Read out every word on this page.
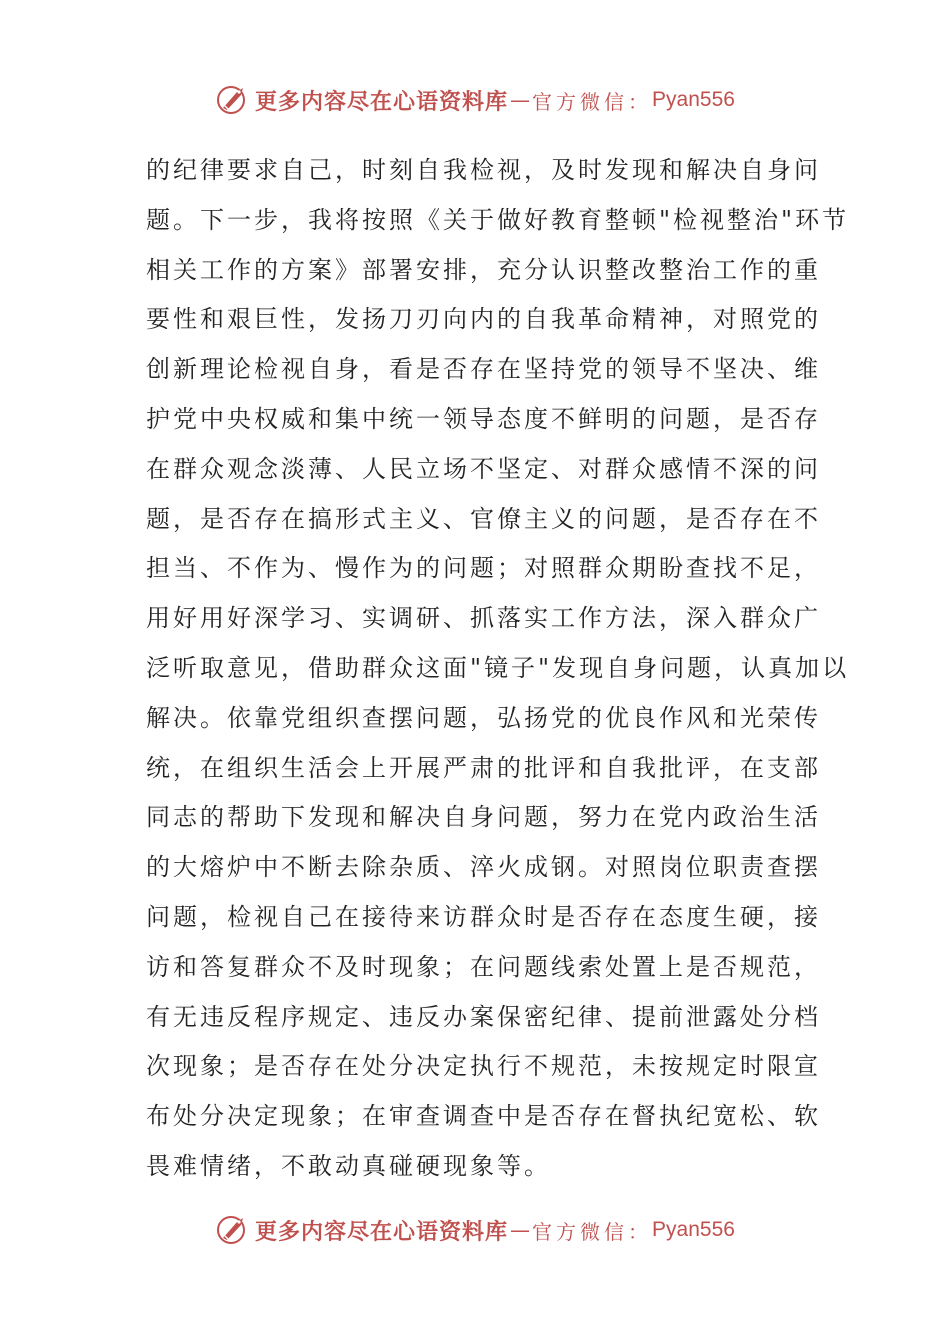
更多内容尽在心语资料库 — 官方微信： Pyan556
的纪律要求自己，时刻自我检视，及时发现和解决自身问
题。下一步，我将按照《关于做好教育整顿"检视整治"环节
相关工作的方案》部署安排，充分认识整改整治工作的重
要性和艰巨性，发扬刀刃向内的自我革命精神，对照党的
创新理论检视自身，看是否存在坚持党的领导不坚决、维
护党中央权威和集中统一领导态度不鲜明的问题，是否存
在群众观念淡薄、人民立场不坚定、对群众感情不深的问
题，是否存在搞形式主义、官僚主义的问题，是否存在不
担当、不作为、慢作为的问题；对照群众期盼查找不足，
用好用好深学习、实调研、抓落实工作方法，深入群众广
泛听取意见，借助群众这面"镜子"发现自身问题，认真加以
解决。依靠党组织查摆问题，弘扬党的优良作风和光荣传
统，在组织生活会上开展严肃的批评和自我批评，在支部
同志的帮助下发现和解决自身问题，努力在党内政治生活
的大熔炉中不断去除杂质、淬火成钢。对照岗位职责查摆
问题，检视自己在接待来访群众时是否存在态度生硬，接
访和答复群众不及时现象；在问题线索处置上是否规范，
有无违反程序规定、违反办案保密纪律、提前泄露处分档
次现象；是否存在处分决定执行不规范，未按规定时限宣
布处分决定现象；在审查调查中是否存在督执纪宽松、软
畏难情绪，不敢动真碰硬现象等。
更多内容尽在心语资料库 — 官方微信： Pyan556
